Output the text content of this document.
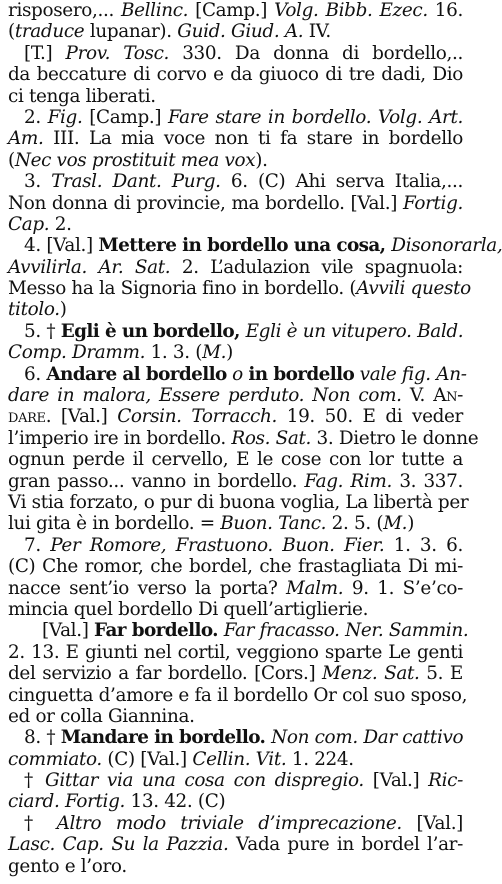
risposero,... Bellinc. [Camp.] Volg. Bibb. Ezec. 16.
(traduce lupanar). Guid. Giud. A. IV.
[T.] Prov. Tosc. 330. Da donna di bordello,..
da beccature di corvo e da giuoco di tre dadi, Dio
ci tenga liberati.
2. Fig. [Camp.] Fare stare in bordello. Volg. Art.
Am. III. La mia voce non ti fa stare in bordello
(Nec vos prostituit mea vox).
3. Trasl. Dant. Purg. 6. (C) Ahi serva Italia,...
Non donna di provincie, ma bordello. [Val.] Fortig.
Cap. 2.
4. [Val.] Mettere in bordello una cosa, Disonorarla,
Avvilirla. Ar. Sat. 2. L’adulazion vile spagnuola:
Messo ha la Signoria fino in bordello. (Avvili questo
titolo.)
5. † Egli è un bordello, Egli è un vitupero. Bald.
Comp. Dramm. 1. 3. (M.)
6. Andare al bordello o in bordello vale fig. An-
dare in malora, Essere perduto. Non com. V. An-
dare. [Val.] Corsin. Torracch. 19. 50. E di veder
l’imperio ire in bordello. Ros. Sat. 3. Dietro le donne
ognun perde il cervello, E le cose con lor tutte a
gran passo... vanno in bordello. Fag. Rim. 3. 337.
Vi stia forzato, o pur di buona voglia, La libertà per
lui gita è in bordello. = Buon. Tanc. 2. 5. (M.)
7. Per Romore, Frastuono. Buon. Fier. 1. 3. 6.
(C) Che romor, che bordel, che frastagliata Di mi-
nacce sent’io verso la porta? Malm. 9. 1. S’e’co-
mincia quel bordello Di quell’artiglierie.
[Val.] Far bordello. Far fracasso. Ner. Sammin.
2. 13. E giunti nel cortil, veggiono sparte Le genti
del servizio a far bordello. [Cors.] Menz. Sat. 5. E
cinguetta d’amore e fa il bordello Or col suo sposo,
ed or colla Giannina.
8. † Mandare in bordello. Non com. Dar cattivo
commiato. (C) [Val.] Cellin. Vit. 1. 224.
† Gittar via una cosa con dispregio. [Val.] Ric-
ciard. Fortig. 13. 42. (C)
† Altro modo triviale d’imprecazione. [Val.]
Lasc. Cap. Su la Pazzia. Vada pure in bordel l’ar-
gento e l’oro.
